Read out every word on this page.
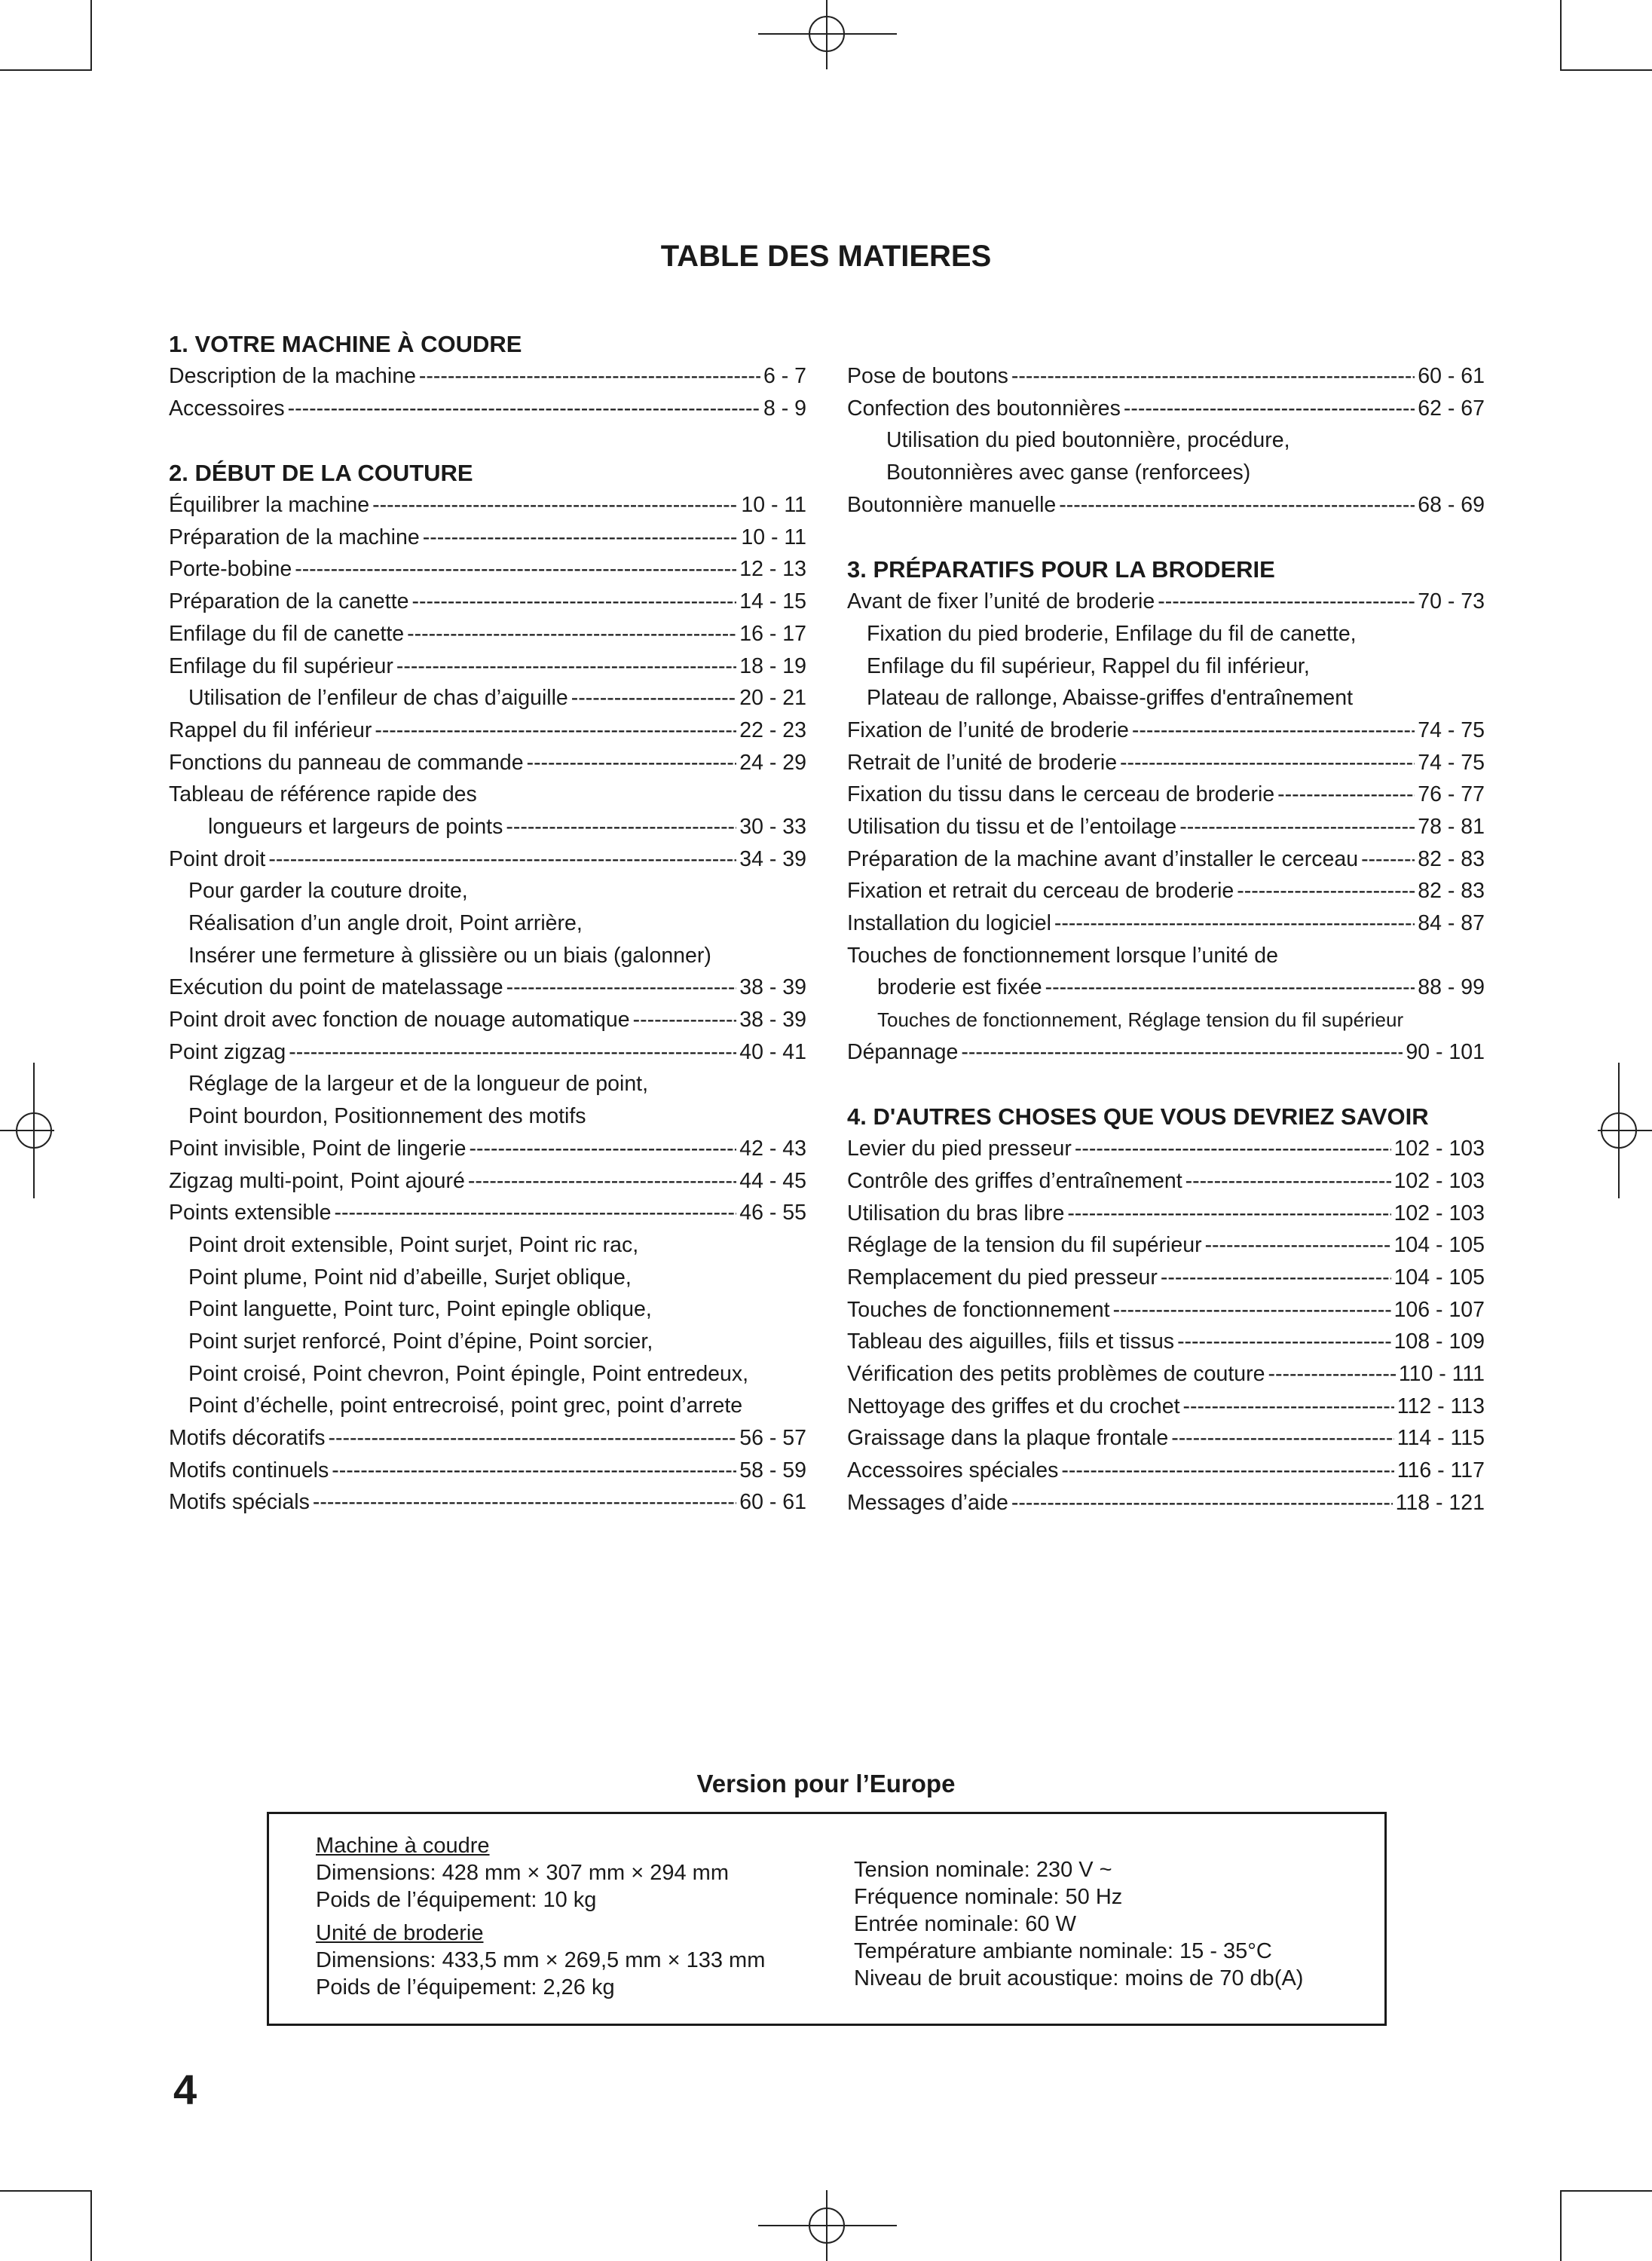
TABLE DES MATIERES
1. VOTRE MACHINE À COUDRE
Description de la machine -----	6 - 7
Accessoires -----	8 - 9
2. DÉBUT DE LA COUTURE
Équilibrer la machine -----	10 - 11
Préparation de la machine -----	10 - 11
Porte-bobine -----	12 - 13
Préparation de la canette -----	14 - 15
Enfilage du fil de canette -----	16 - 17
Enfilage du fil supérieur -----	18 - 19
Utilisation de l’enfileur de chas d’aiguille -----	20 - 21
Rappel du fil inférieur -----	22 - 23
Fonctions du panneau de commande -----	24 - 29
Tableau de référence rapide des
longueurs et largeurs de points -----	30 - 33
Point droit -----	34 - 39
Pour garder la couture droite,
Réalisation d’un angle droit, Point arrière,
Insérer une fermeture à glissière ou un biais (galonner)
Exécution du point de matelassage -----	38 - 39
Point droit avec fonction de nouage automatique -----	38 - 39
Point zigzag -----	40 - 41
Réglage de la largeur et de la longueur de point,
Point bourdon, Positionnement des motifs
Point invisible, Point de lingerie -----	42 - 43
Zigzag multi-point, Point ajouré -----	44 - 45
Points extensible -----	46 - 55
Point droit extensible, Point surjet, Point ric rac,
Point plume, Point nid d’abeille, Surjet oblique,
Point languette, Point turc, Point epingle oblique,
Point surjet renforcé, Point d’épine, Point sorcier,
Point croisé, Point chevron, Point épingle, Point entredeux,
Point d’échelle, point entrecroisé, point grec, point d’arrete
Motifs décoratifs -----	56 - 57
Motifs continuels -----	58 - 59
Motifs spécials -----	60 - 61
Pose de boutons -----	60 - 61
Confection des boutonnières -----	62 - 67
Utilisation du pied boutonnière, procédure,
Boutonnières avec ganse (renforcees)
Boutonnière manuelle -----	68 - 69
3. PRÉPARATIFS POUR LA BRODERIE
Avant de fixer l’unité de broderie -----	70 - 73
Fixation du pied broderie, Enfilage du fil de canette,
Enfilage du fil supérieur, Rappel du fil inférieur,
Plateau de rallonge, Abaisse-griffes d'entraînement
Fixation de l’unité de broderie -----	74 - 75
Retrait de l’unité de broderie -----	74 - 75
Fixation du tissu dans le cerceau de broderie -----	76 - 77
Utilisation du tissu et de l’entoilage -----	78 - 81
Préparation de la machine avant d’installer le cerceau -----	82 - 83
Fixation et retrait du cerceau de broderie -----	82 - 83
Installation du logiciel -----	84 - 87
Touches de fonctionnement lorsque l’unité de
broderie est fixée -----	88 - 99
Touches de fonctionnement, Réglage tension du fil supérieur
Dépannage -----	90 - 101
4. D'AUTRES CHOSES QUE VOUS DEVRIEZ SAVOIR
Levier du pied presseur -----	102 - 103
Contrôle des griffes d’entraînement -----	102 - 103
Utilisation du bras libre -----	102 - 103
Réglage de la tension du fil supérieur -----	104 - 105
Remplacement du pied presseur -----	104 - 105
Touches de fonctionnement -----	106 - 107
Tableau des aiguilles, fiils et tissus -----	108 - 109
Vérification des petits problèmes de couture -----	110 - 111
Nettoyage des griffes et du crochet -----	112 - 113
Graissage dans la plaque frontale -----	114 - 115
Accessoires spéciales -----	116 - 117
Messages d’aide -----	118 - 121
Version pour l’Europe
Machine à coudre
Dimensions: 428 mm × 307 mm × 294 mm
Poids de l’équipement: 10 kg
Unité de broderie
Dimensions: 433,5 mm × 269,5 mm × 133 mm
Poids de l’équipement: 2,26 kg
Tension nominale: 230 V ~
Fréquence nominale: 50 Hz
Entrée nominale: 60 W
Température ambiante nominale: 15 - 35°C
Niveau de bruit acoustique: moins de 70 db(A)
4
